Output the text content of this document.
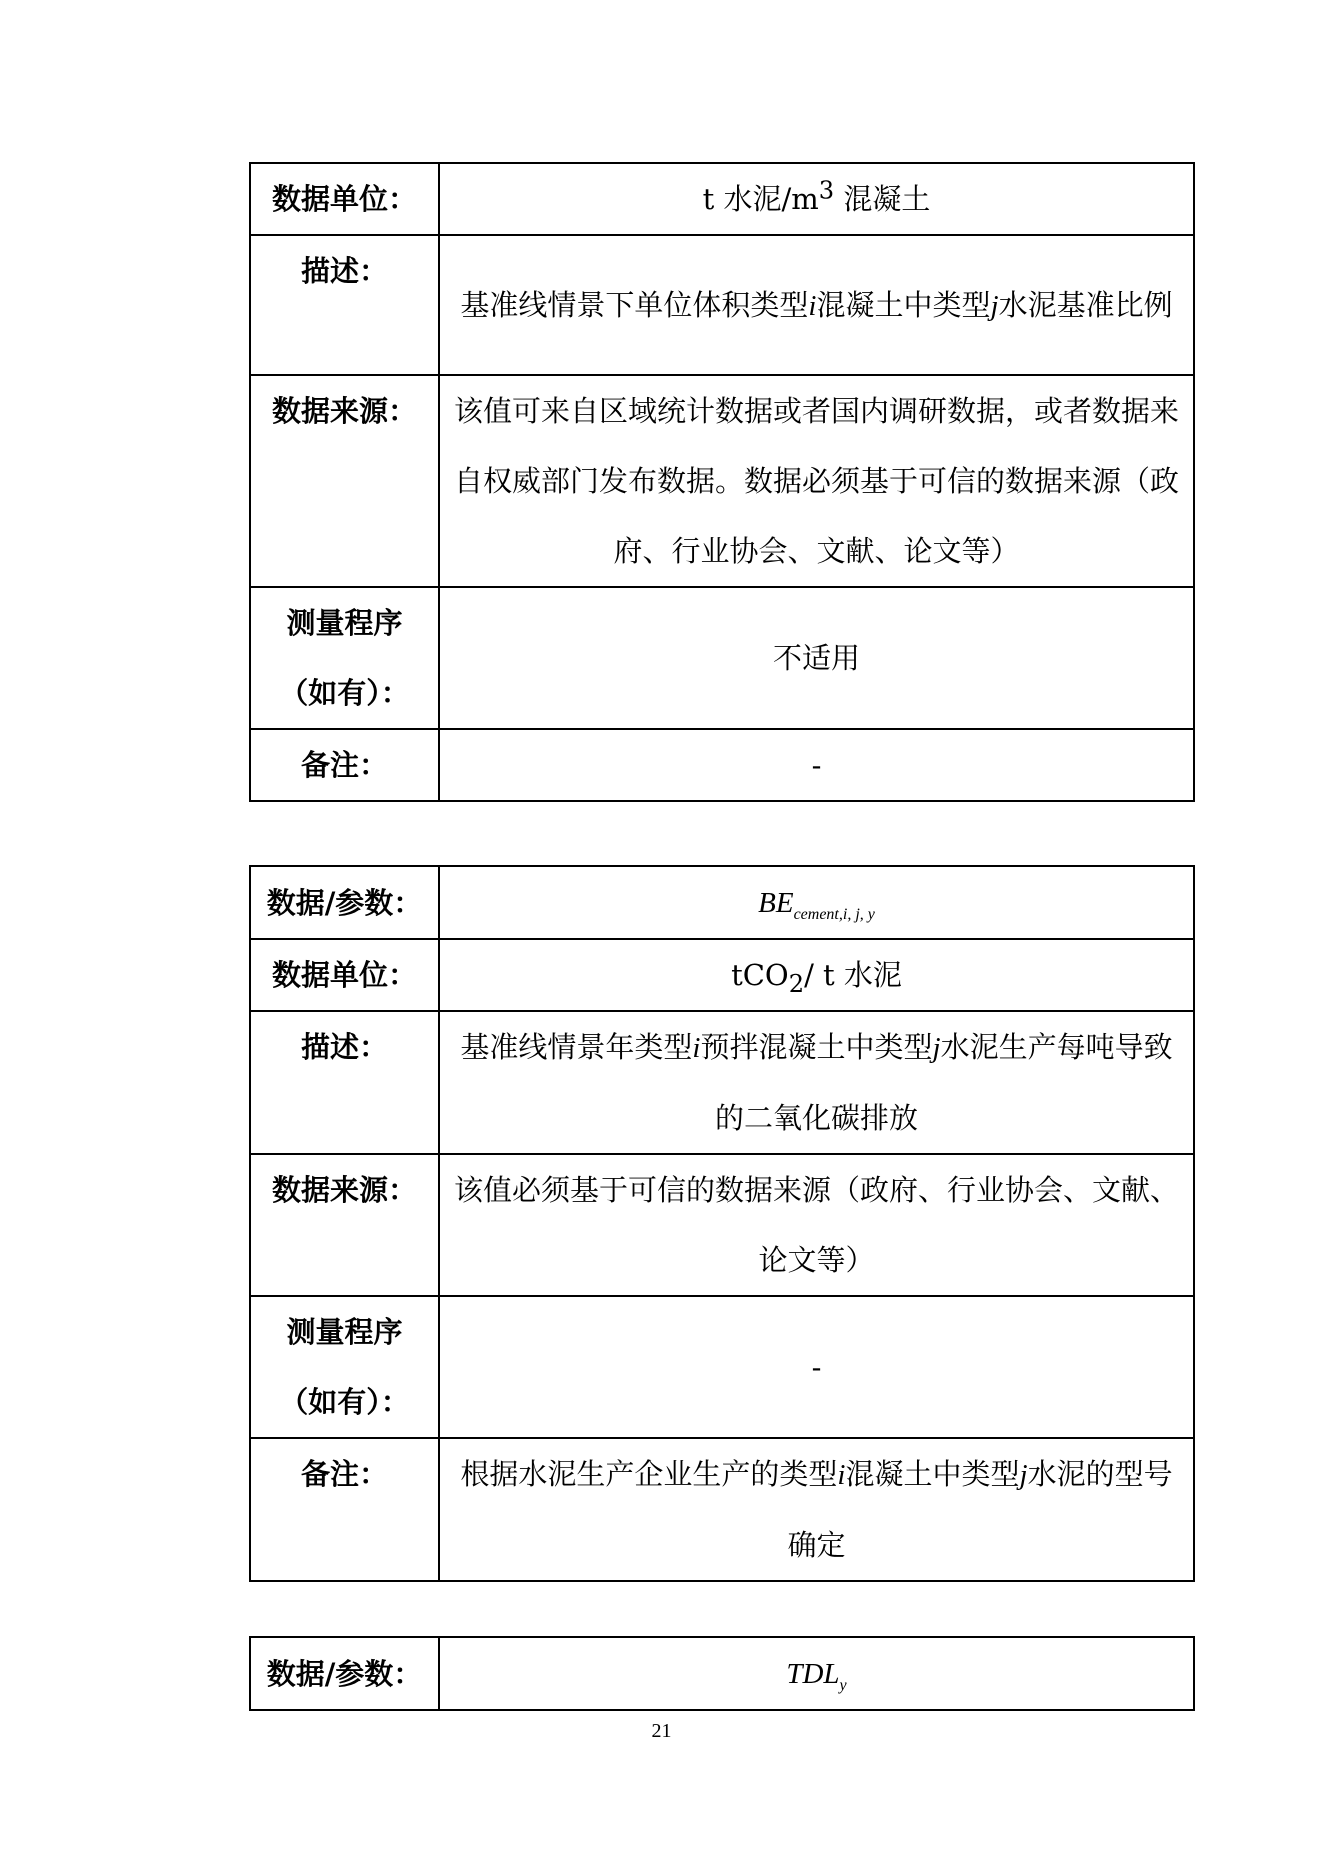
数据单位：	t 水泥$/m^3$ 混凝土
描述：	基准线情景下单位体积类型i混凝土中类型j水泥基准比例
数据来源：	该值可来自区域统计数据或者国内调研数据，或者数据来自权威部门发布数据。数据必须基于可信的数据来源（政府、行业协会、文献、论文等）
测量程序（如有）：	不适用
备注：	-
数据/参数：	$BE_{cement,i, j, y}$
数据单位：	tCO$_2$/ t 水泥
描述：	基准线情景年类型i预拌混凝土中类型j水泥生产每吨导致的二氧化碳排放
数据来源：	该值必须基于可信的数据来源（政府、行业协会、文献、论文等）
测量程序（如有）：	-
备注：	根据水泥生产企业生产的类型i混凝土中类型j水泥的型号确定
数据/参数：	$TDL_y$
21
